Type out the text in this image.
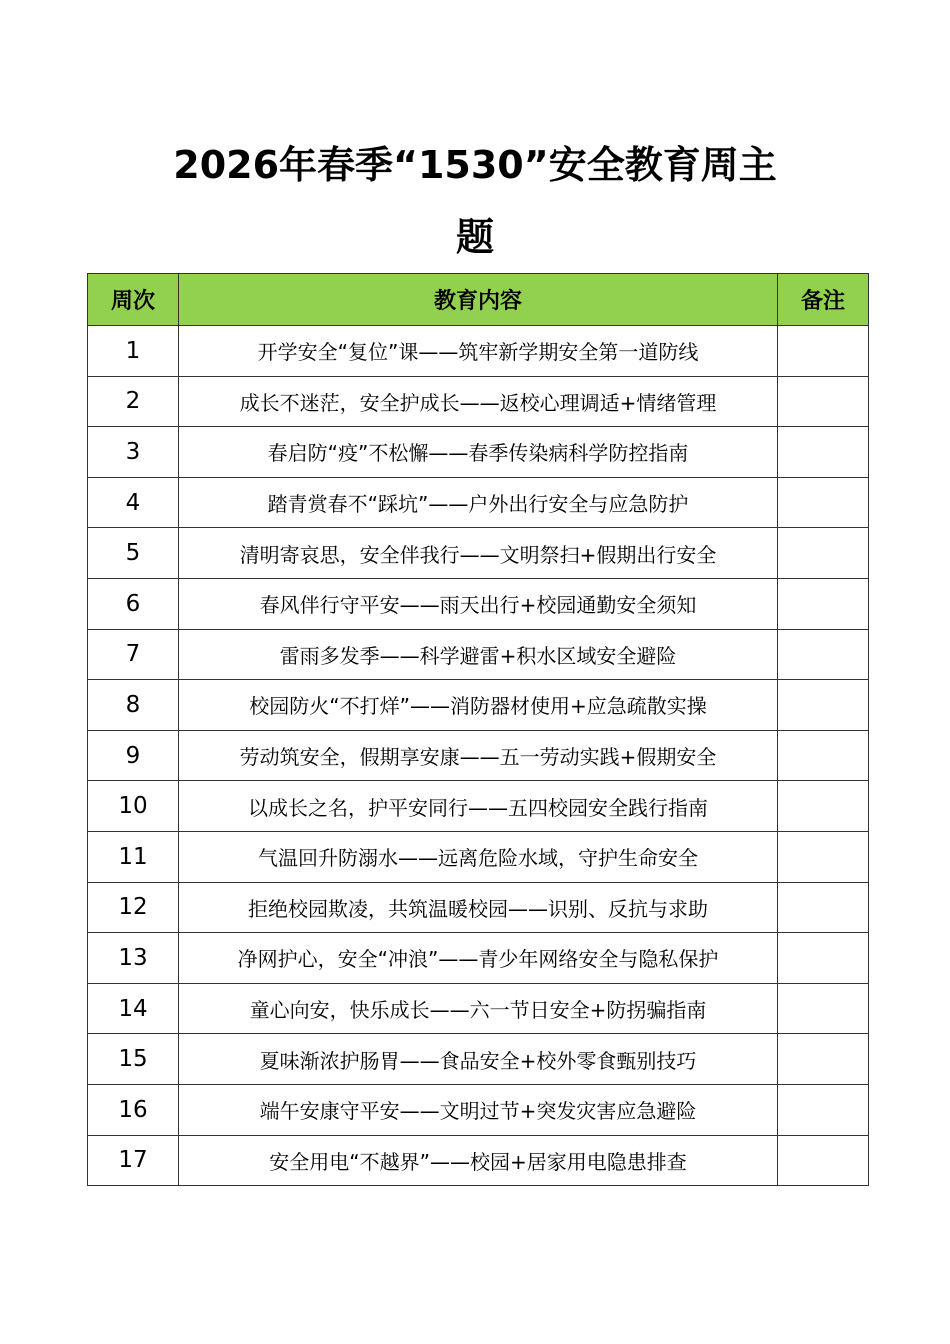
2026年春季“1530”安全教育周主
题
周次	教育内容	备注
1	开学安全“复位”课——筑牢新学期安全第一道防线	
2	成长不迷茫，安全护成长——返校心理调适+情绪管理	
3	春启防“疫”不松懈——春季传染病科学防控指南	
4	踏青赏春不“踩坑”——户外出行安全与应急防护	
5	清明寄哀思，安全伴我行——文明祭扫+假期出行安全	
6	春风伴行守平安——雨天出行+校园通勤安全须知	
7	雷雨多发季——科学避雷+积水区域安全避险	
8	校园防火“不打烊”——消防器材使用+应急疏散实操	
9	劳动筑安全，假期享安康——五一劳动实践+假期安全	
10	以成长之名，护平安同行——五四校园安全践行指南	
11	气温回升防溺水——远离危险水域，守护生命安全	
12	拒绝校园欺凌，共筑温暖校园——识别、反抗与求助	
13	净网护心，安全“冲浪”——青少年网络安全与隐私保护	
14	童心向安，快乐成长——六一节日安全+防拐骗指南	
15	夏味渐浓护肠胃——食品安全+校外零食甄别技巧	
16	端午安康守平安——文明过节+突发灾害应急避险	
17	安全用电“不越界”——校园+居家用电隐患排查	
